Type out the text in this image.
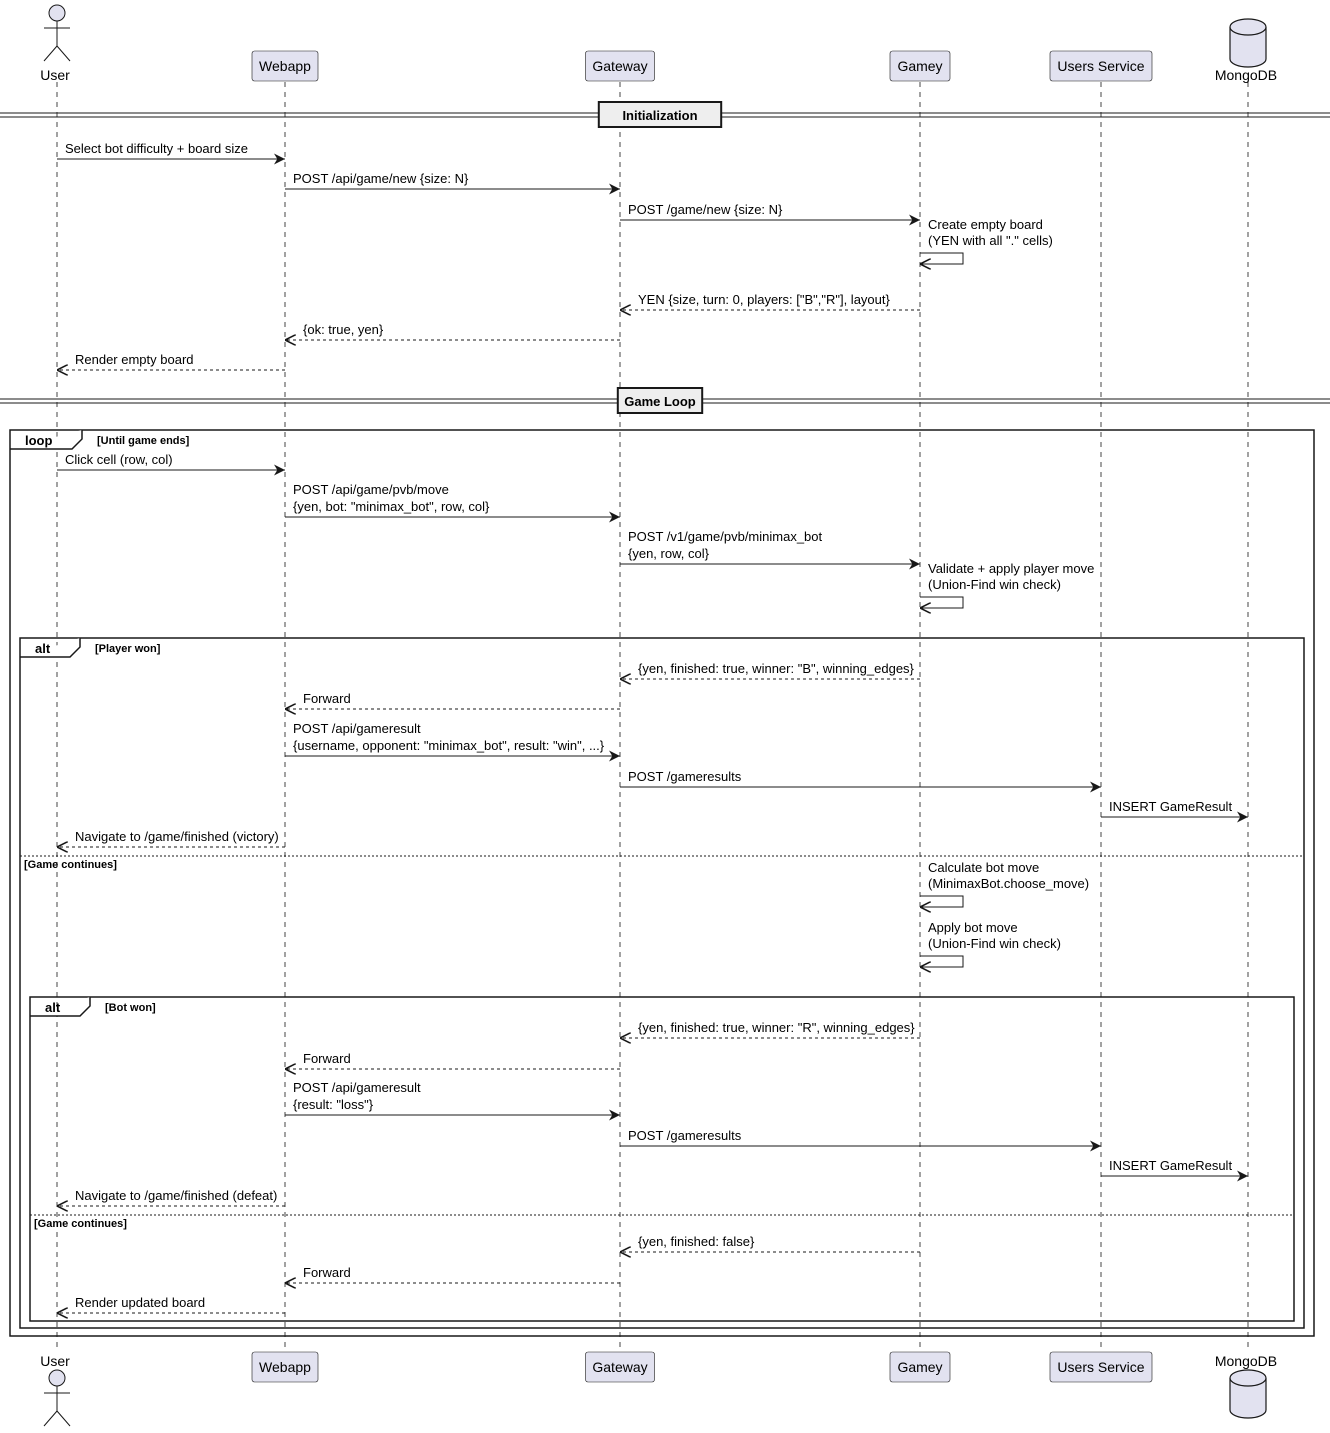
loop	[Until game ends]
alt	[Player won]
[Game continues]
alt	[Bot won]
[Game continues]
Initialization
Game Loop
Select bot difficulty + board size
POST /api/game/new {size: N}
POST /game/new {size: N}
Create empty board
(YEN with all "." cells)
YEN {size, turn: 0, players: ["B","R"], layout}
{ok: true, yen}
Render empty board
Click cell (row, col)
POST /api/game/pvb/move
{yen, bot: "minimax_bot", row, col}
POST /v1/game/pvb/minimax_bot
{yen, row, col}
Validate + apply player move
(Union-Find win check)
{yen, finished: true, winner: "B", winning_edges}
Forward
POST /api/gameresult
{username, opponent: "minimax_bot", result: "win", ...}
POST /gameresults
INSERT GameResult
Navigate to /game/finished (victory)
Calculate bot move
(MinimaxBot.choose_move)
Apply bot move
(Union-Find win check)
{yen, finished: true, winner: "R", winning_edges}
Forward
POST /api/gameresult
{result: "loss"}
POST /gameresults
INSERT GameResult
Navigate to /game/finished (defeat)
{yen, finished: false}
Forward
Render updated board
User
User
Webapp
Webapp
Gateway
Gateway
Gamey
Gamey
Users Service
Users Service
MongoDB
MongoDB
